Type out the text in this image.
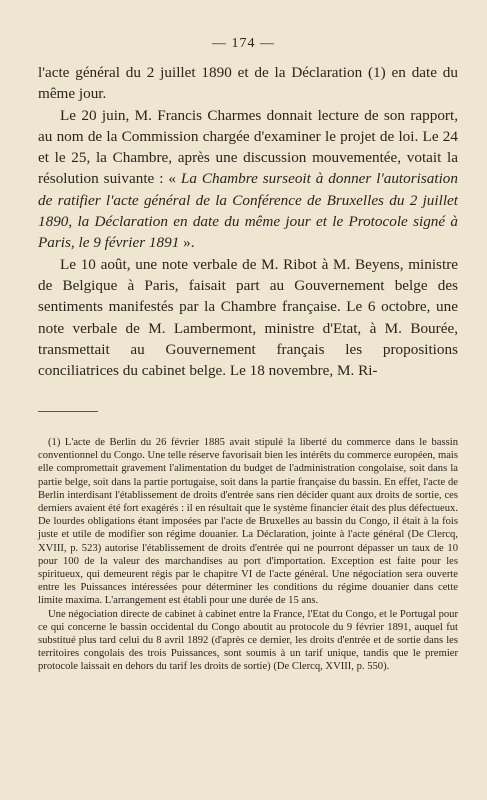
— 174 —

l'acte général du 2 juillet 1890 et de la Déclaration (1) en date du même jour.

Le 20 juin, M. Francis Charmes donnait lecture de son rapport, au nom de la Commission chargée d'examiner le projet de loi. Le 24 et le 25, la Chambre, après une discussion mouvementée, votait la résolution suivante : « La Chambre surseoit à donner l'autorisation de ratifier l'acte général de la Conférence de Bruxelles du 2 juillet 1890, la Déclaration en date du même jour et le Protocole signé à Paris, le 9 février 1891 ».

Le 10 août, une note verbale de M. Ribot à M. Beyens, ministre de Belgique à Paris, faisait part au Gouvernement belge des sentiments manifestés par la Chambre française. Le 6 octobre, une note verbale de M. Lambermont, ministre d'Etat, à M. Bourée, transmettait au Gouvernement français les propositions conciliatrices du cabinet belge. Le 18 novembre, M. Ri-

(1) L'acte de Berlin du 26 février 1885 avait stipulé la liberté du commerce dans le bassin conventionnel du Congo. Une telle réserve favorisait bien les intérêts du commerce européen, mais elle compromettait gravement l'alimentation du budget de l'administration congolaise, soit dans la partie belge, soit dans la partie portugaise, soit dans la partie française du bassin. En effet, l'acte de Berlin interdisant l'établissement de droits d'entrée sans rien décider quant aux droits de sortie, ces derniers avaient été fort exagérés : il en résultait que le système financier était des plus défectueux. De lourdes obligations étant imposées par l'acte de Bruxelles au bassin du Congo, il était à la fois juste et utile de modifier son régime douanier. La Déclaration, jointe à l'acte général (De Clercq, XVIII, p. 523) autorise l'établissement de droits d'entrée qui ne pourront dépasser un taux de 10 pour 100 de la valeur des marchandises au port d'importation. Exception est faite pour les spiritueux, qui demeurent régis par le chapitre VI de l'acte général. Une négociation sera ouverte entre les Puissances intéressées pour déterminer les conditions du régime douanier dans cette limite maxima. L'arrangement est établi pour une durée de 15 ans.

Une négociation directe de cabinet à cabinet entre la France, l'Etat du Congo, et le Portugal pour ce qui concerne le bassin occidental du Congo aboutit au protocole du 9 février 1891, auquel fut substitué plus tard celui du 8 avril 1892 (d'après ce dernier, les droits d'entrée et de sortie dans les territoires congolais des trois Puissances, sont soumis à un tarif unique, tandis que le premier protocole laissait en dehors du tarif les droits de sortie) (De Clercq, XVIII, p. 550).
